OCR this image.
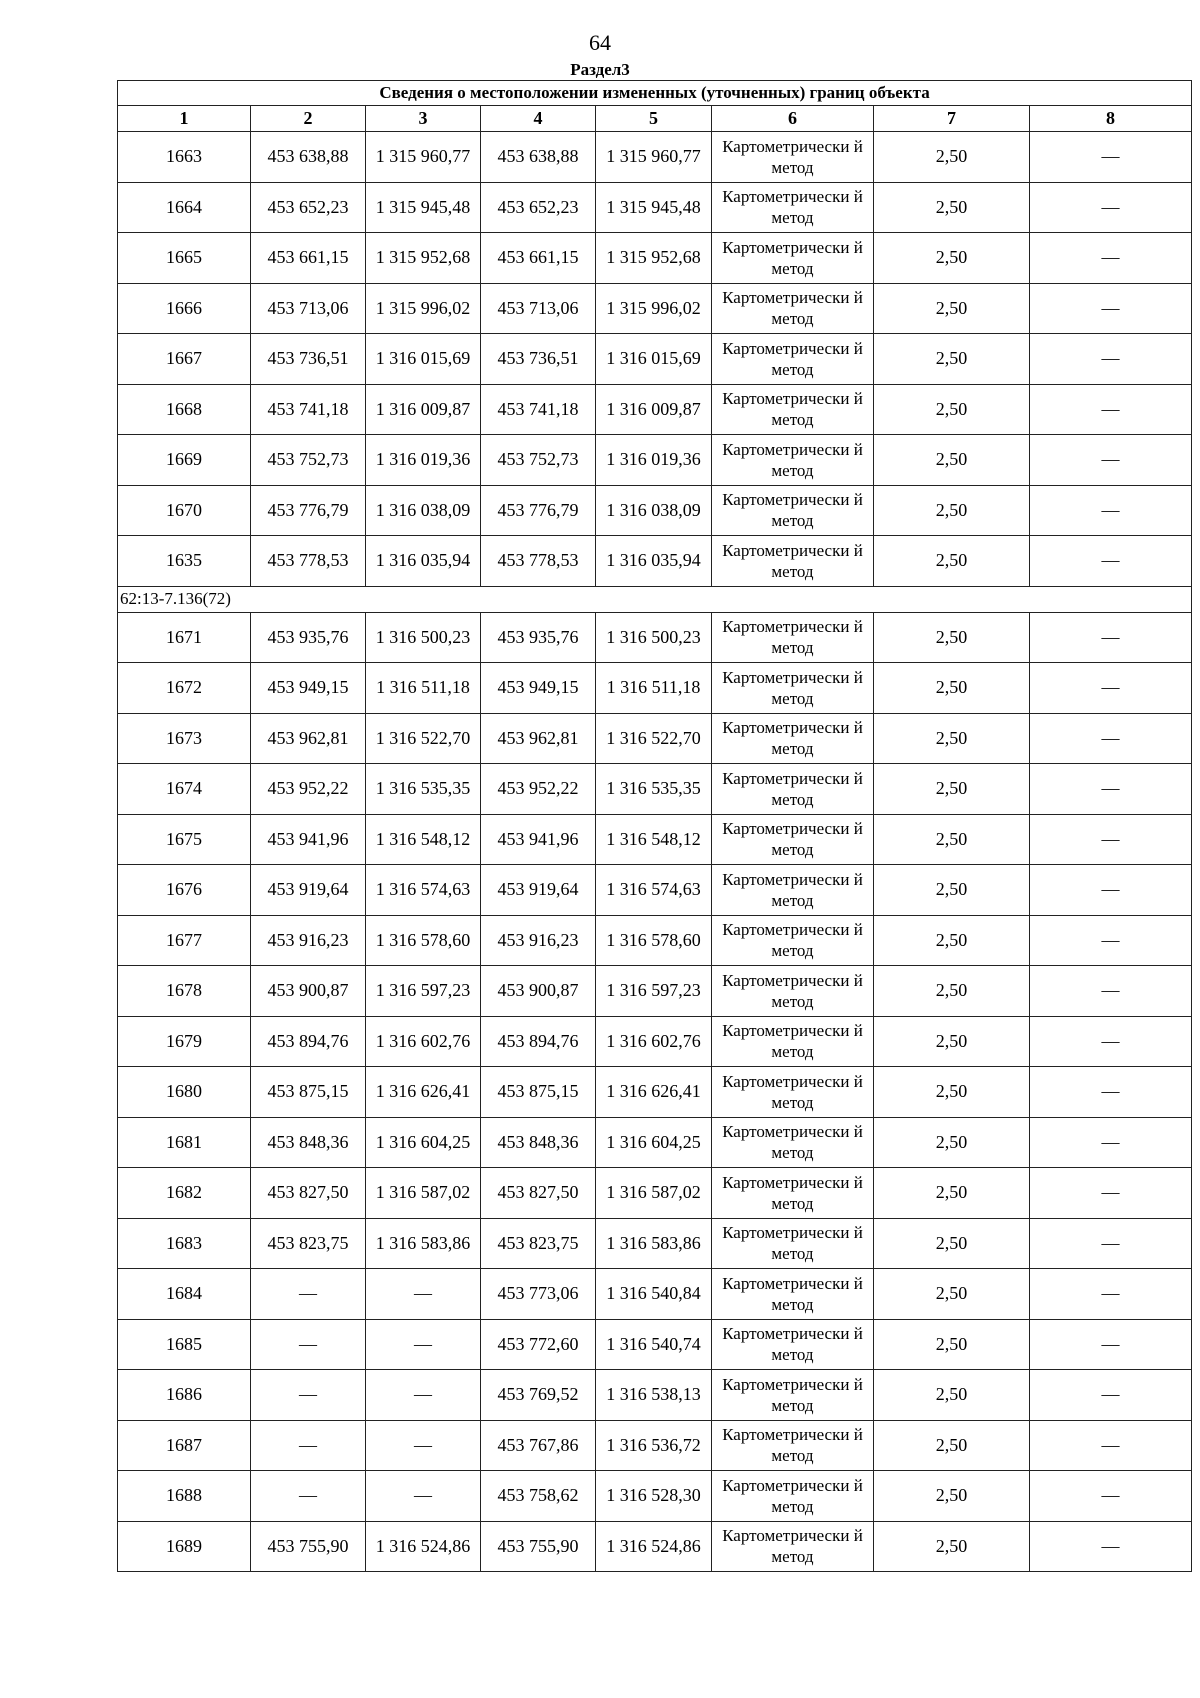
64
Раздел3
Сведения о местоположении измененных (уточненных) границ объекта							
1	2	3	4	5	6	7	8
1663	453 638,88	1 315 960,77	453 638,88	1 315 960,77	Картометрически й метод	2,50	—
1664	453 652,23	1 315 945,48	453 652,23	1 315 945,48	Картометрически й метод	2,50	—
1665	453 661,15	1 315 952,68	453 661,15	1 315 952,68	Картометрически й метод	2,50	—
1666	453 713,06	1 315 996,02	453 713,06	1 315 996,02	Картометрически й метод	2,50	—
1667	453 736,51	1 316 015,69	453 736,51	1 316 015,69	Картометрически й метод	2,50	—
1668	453 741,18	1 316 009,87	453 741,18	1 316 009,87	Картометрически й метод	2,50	—
1669	453 752,73	1 316 019,36	453 752,73	1 316 019,36	Картометрически й метод	2,50	—
1670	453 776,79	1 316 038,09	453 776,79	1 316 038,09	Картометрически й метод	2,50	—
1635	453 778,53	1 316 035,94	453 778,53	1 316 035,94	Картометрически й метод	2,50	—
62:13-7.136(72)							
1671	453 935,76	1 316 500,23	453 935,76	1 316 500,23	Картометрически й метод	2,50	—
1672	453 949,15	1 316 511,18	453 949,15	1 316 511,18	Картометрически й метод	2,50	—
1673	453 962,81	1 316 522,70	453 962,81	1 316 522,70	Картометрически й метод	2,50	—
1674	453 952,22	1 316 535,35	453 952,22	1 316 535,35	Картометрически й метод	2,50	—
1675	453 941,96	1 316 548,12	453 941,96	1 316 548,12	Картометрически й метод	2,50	—
1676	453 919,64	1 316 574,63	453 919,64	1 316 574,63	Картометрически й метод	2,50	—
1677	453 916,23	1 316 578,60	453 916,23	1 316 578,60	Картометрически й метод	2,50	—
1678	453 900,87	1 316 597,23	453 900,87	1 316 597,23	Картометрически й метод	2,50	—
1679	453 894,76	1 316 602,76	453 894,76	1 316 602,76	Картометрически й метод	2,50	—
1680	453 875,15	1 316 626,41	453 875,15	1 316 626,41	Картометрически й метод	2,50	—
1681	453 848,36	1 316 604,25	453 848,36	1 316 604,25	Картометрически й метод	2,50	—
1682	453 827,50	1 316 587,02	453 827,50	1 316 587,02	Картометрически й метод	2,50	—
1683	453 823,75	1 316 583,86	453 823,75	1 316 583,86	Картометрически й метод	2,50	—
1684	—	—	453 773,06	1 316 540,84	Картометрически й метод	2,50	—
1685	—	—	453 772,60	1 316 540,74	Картометрически й метод	2,50	—
1686	—	—	453 769,52	1 316 538,13	Картометрически й метод	2,50	—
1687	—	—	453 767,86	1 316 536,72	Картометрически й метод	2,50	—
1688	—	—	453 758,62	1 316 528,30	Картометрически й метод	2,50	—
1689	453 755,90	1 316 524,86	453 755,90	1 316 524,86	Картометрически й метод	2,50	—
